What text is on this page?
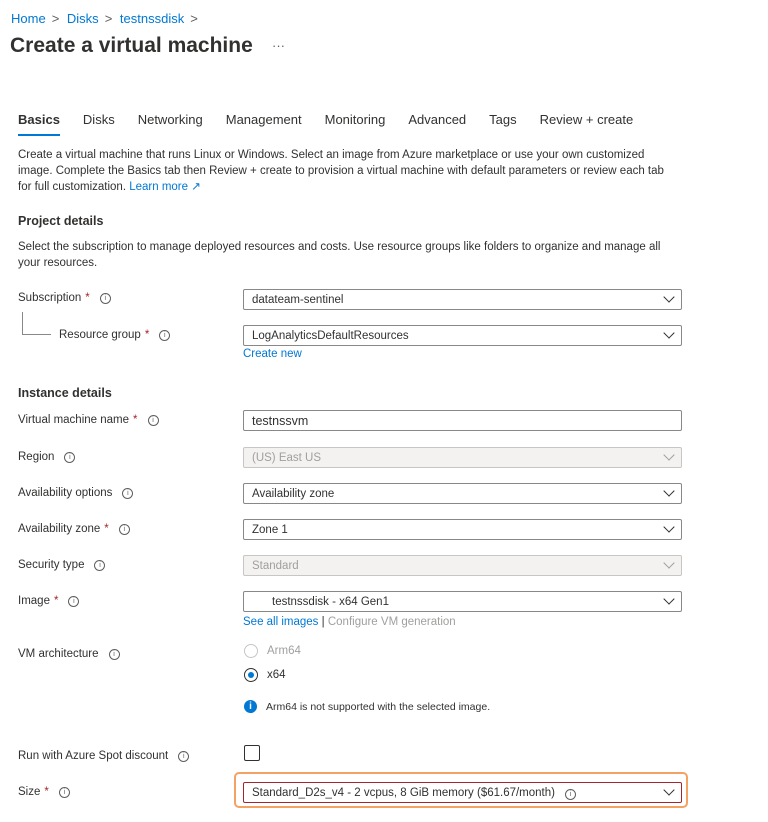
Home > Disks > testnssdisk >
Create a virtual machine ···
Basics Disks Networking Management Monitoring Advanced Tags Review + create
Create a virtual machine that runs Linux or Windows. Select an image from Azure marketplace or use your own customized image. Complete the Basics tab then Review + create to provision a virtual machine with default parameters or review each tab for full customization. Learn more ↗
Project details
Select the subscription to manage deployed resources and costs. Use resource groups like folders to organize and manage all your resources.
Subscription *	i	datateam-sentinel
Resource group *	i	LogAnalyticsDefaultResources
Create new
Instance details
Virtual machine name *	i	testnssvm
Region	i	(US) East US
Availability options	i	Availability zone
Availability zone *	i	Zone 1
Security type	i	Standard
Image *	i	testnssdisk - x64 Gen1
See all images | Configure VM generation
VM architecture	i	Arm64
x64
i	Arm64 is not supported with the selected image.
Run with Azure Spot discount	i
Size *	i	Standard_D2s_v4 - 2 vcpus, 8 GiB memory ($61.67/month) i
